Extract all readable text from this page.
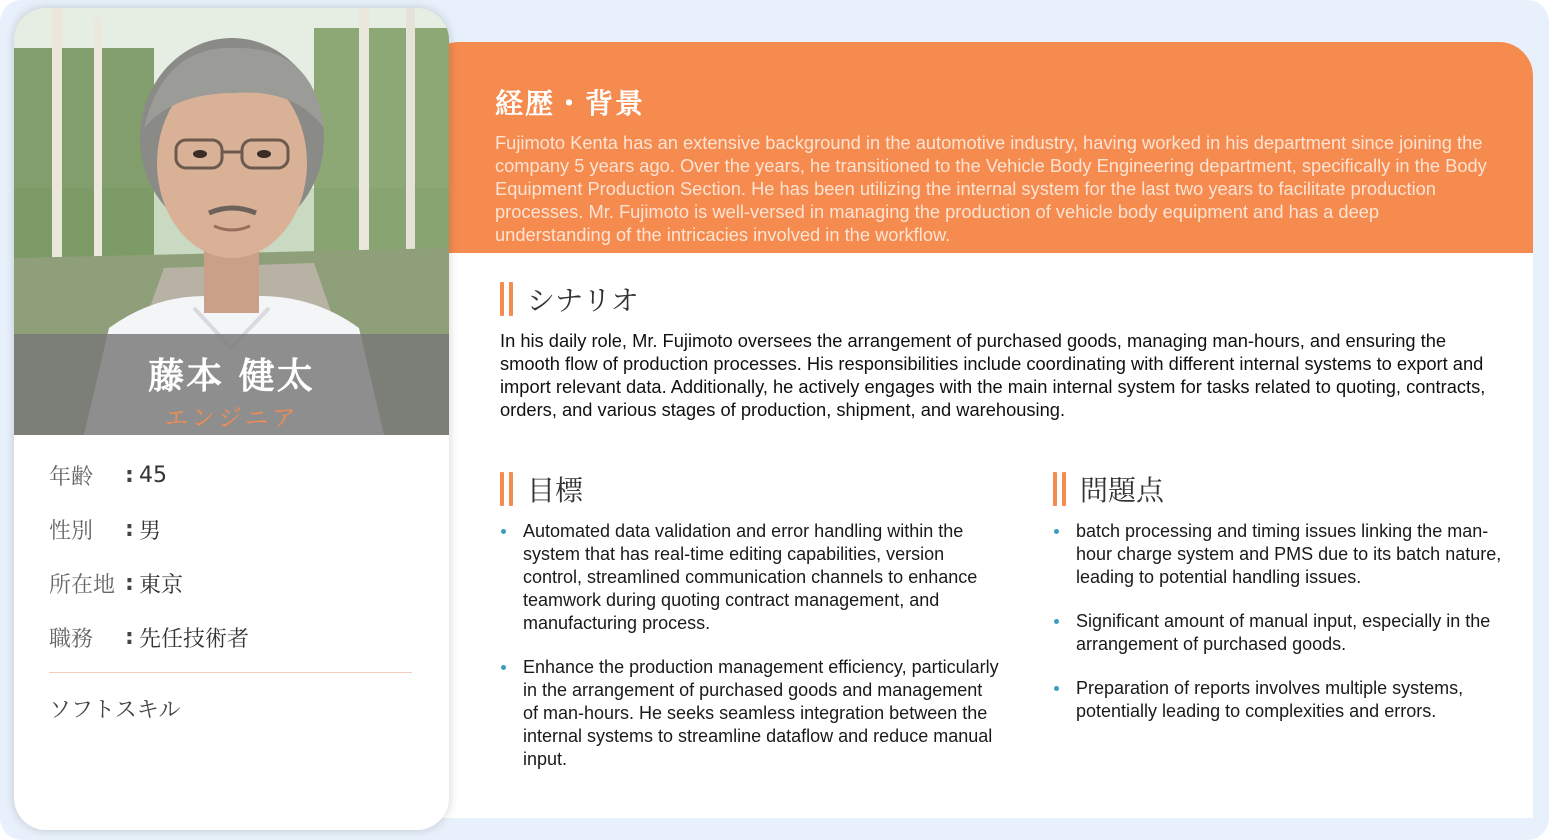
経歴・背景

Fujimoto Kenta has an extensive background in the automotive industry, having worked in his department since joining the company 5 years ago. Over the years, he transitioned to the Vehicle Body Engineering department, specifically in the Body Equipment Production Section. He has been utilizing the internal system for the last two years to facilitate production processes. Mr. Fujimoto is well-versed in managing the production of vehicle body equipment and has a deep understanding of the intricacies involved in the workflow.

シナリオ

In his daily role, Mr. Fujimoto oversees the arrangement of purchased goods, managing man-hours, and ensuring the smooth flow of production processes. His responsibilities include coordinating with different internal systems to export and import relevant data. Additionally, he actively engages with the main internal system for tasks related to quoting, contracts, orders, and various stages of production, shipment, and warehousing.

目標
Automated data validation and error handling within the system that has real-time editing capabilities, version control, streamlined communication channels to enhance teamwork during quoting contract management, and manufacturing process.
Enhance the production management efficiency, particularly in the arrangement of purchased goods and management of man-hours. He seeks seamless integration between the internal systems to streamline dataflow and reduce manual input.
問題点
batch processing and timing issues linking the man-hour charge system and PMS due to its batch nature, leading to potential handling issues.
Significant amount of manual input, especially in the arrangement of purchased goods.
Preparation of reports involves multiple systems, potentially leading to complexities and errors.
藤本 健太
エンジニア
年齢	: 45
性別	: 男
所在地 : 東京
職務	: 先任技術者
ソフトスキル
